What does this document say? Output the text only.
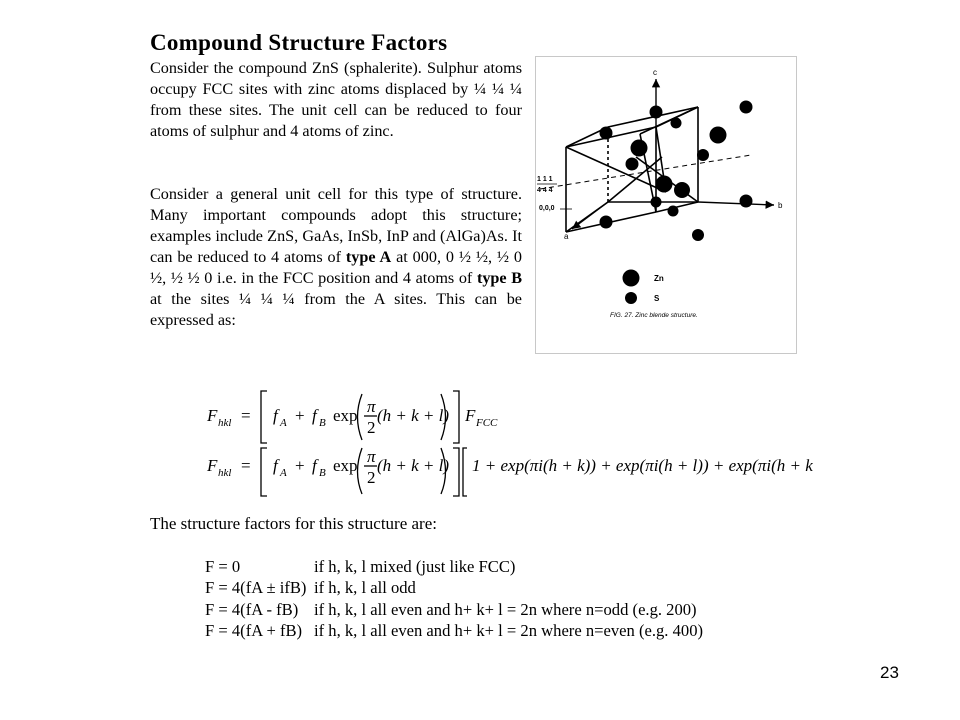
Compound Structure Factors
Consider the compound ZnS (sphalerite). Sulphur atoms occupy FCC sites with zinc atoms displaced by ¼ ¼ ¼ from these sites. The unit cell can be reduced to four atoms of sulphur and 4 atoms of zinc.
Consider a general unit cell for this type of structure. Many important compounds adopt this structure; examples include ZnS, GaAs, InSb, InP and (AlGa)As. It can be reduced to 4 atoms of type A at 000, 0 ½ ½, ½ 0 ½, ½ ½ 0 i.e. in the FCC position and 4 atoms of type B at the sites ¼ ¼ ¼ from the A sites. This can be expressed as:
c
b
a
1 1 1
4 4 4
0,0,0
Zn
S
FIG. 27. Zinc blende structure.
F hkl = f A + f B exp π
2
(h + k + l) F FCC
F hkl = f A + f B exp π
2
(h + k + l) 1 + exp(πi(h + k)) + exp(πi(h + l)) + exp(πi(h + k
The structure factors for this structure are:
F = 0	if h, k, l mixed (just like FCC)
F = 4(fA ± ifB) if h, k, l all odd
F = 4(fA - fB) if h, k, l all even and h+ k+ l = 2n where n=odd (e.g. 200)
F = 4(fA + fB) if h, k, l all even and h+ k+ l = 2n where n=even (e.g. 400)
23
